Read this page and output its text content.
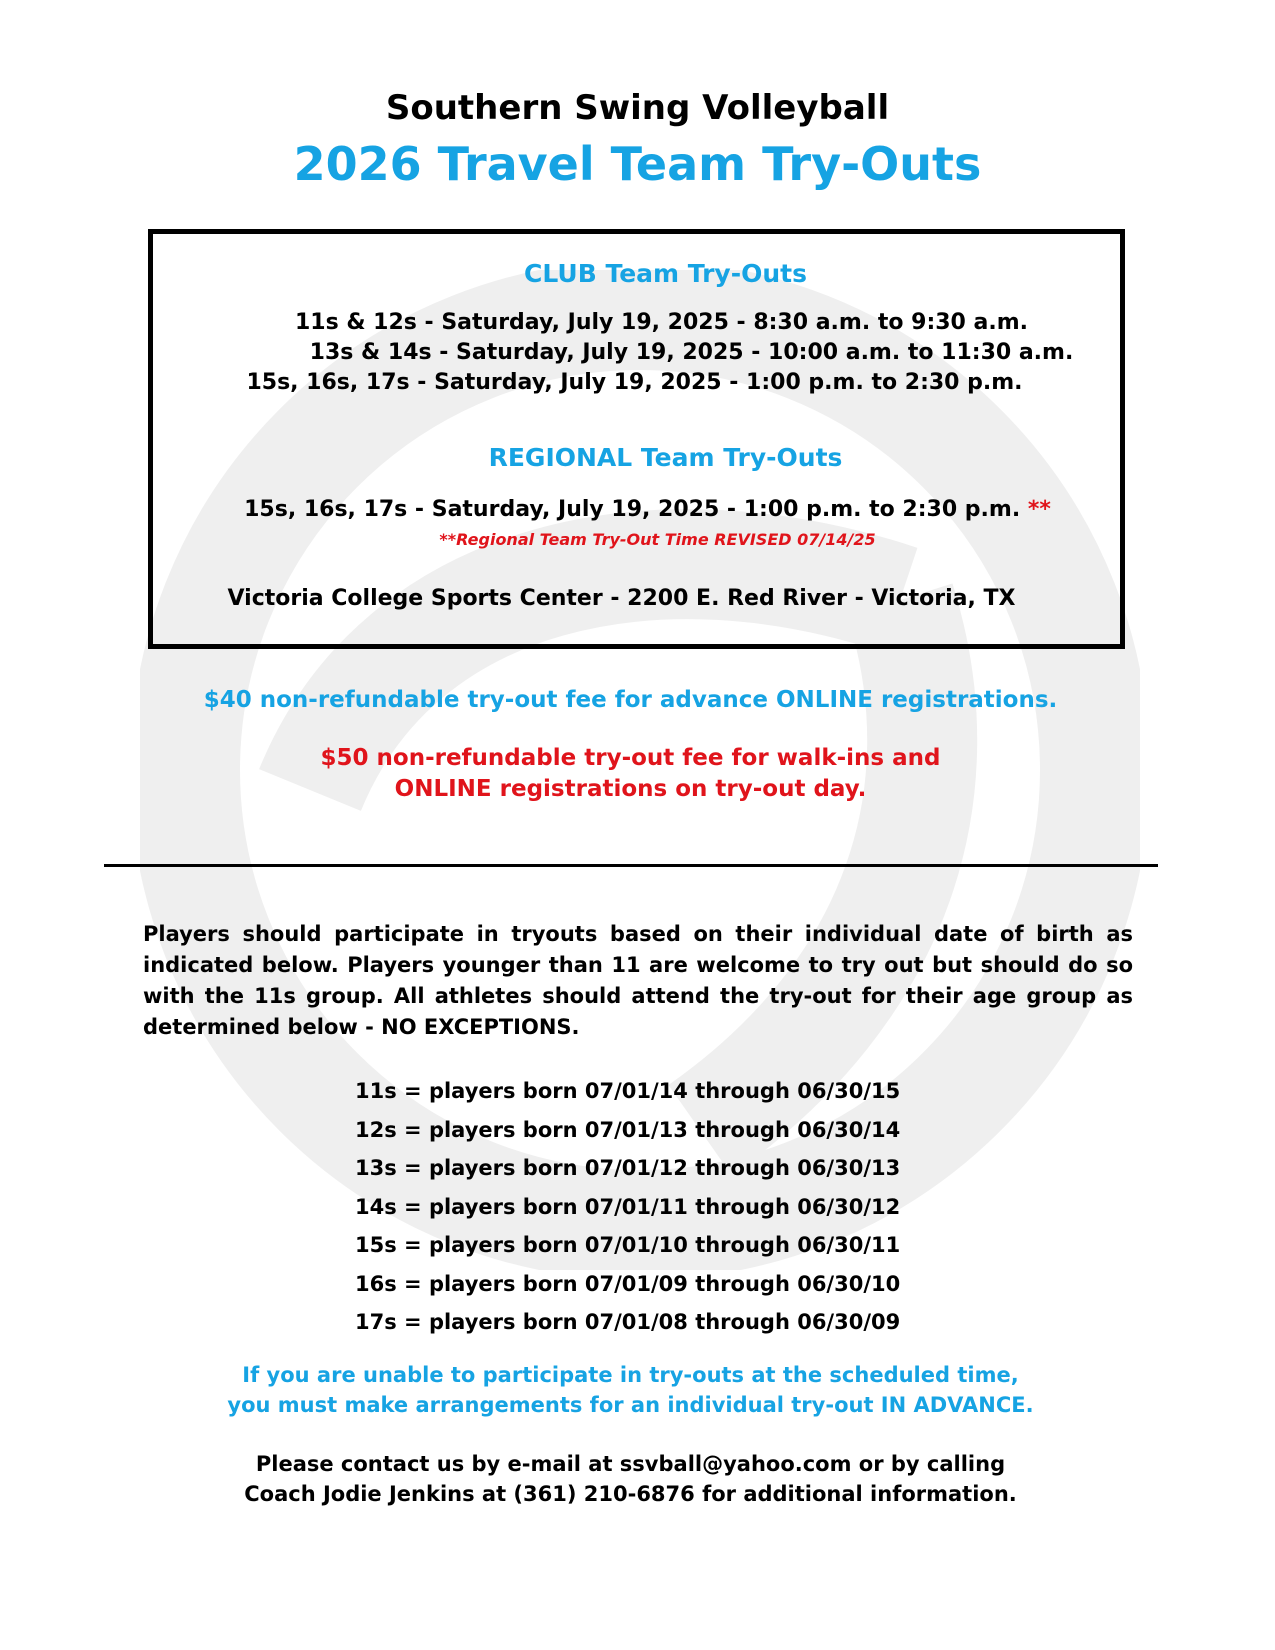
Southern Swing Volleyball
2026 Travel Team Try-Outs
CLUB Team Try-Outs
11s & 12s - Saturday, July 19, 2025 - 8:30 a.m. to 9:30 a.m.
13s & 14s - Saturday, July 19, 2025 - 10:00 a.m. to 11:30 a.m.
15s, 16s, 17s - Saturday, July 19, 2025 - 1:00 p.m. to 2:30 p.m.
REGIONAL Team Try-Outs
15s, 16s, 17s - Saturday, July 19, 2025 - 1:00 p.m. to 2:30 p.m. **
**Regional Team Try-Out Time REVISED 07/14/25
Victoria College Sports Center - 2200 E. Red River - Victoria, TX
$40 non-refundable try-out fee for advance ONLINE registrations.
$50 non-refundable try-out fee for walk-ins and
ONLINE registrations on try-out day.
Players should participate in tryouts based on their individual date of birth as indicated below. Players younger than 11 are welcome to try out but should do so with the 11s group. All athletes should attend the try-out for their age group as determined below - NO EXCEPTIONS.
11s = players born 07/01/14 through 06/30/15
12s = players born 07/01/13 through 06/30/14
13s = players born 07/01/12 through 06/30/13
14s = players born 07/01/11 through 06/30/12
15s = players born 07/01/10 through 06/30/11
16s = players born 07/01/09 through 06/30/10
17s = players born 07/01/08 through 06/30/09
If you are unable to participate in try-outs at the scheduled time,
you must make arrangements for an individual try-out IN ADVANCE.
Please contact us by e-mail at ssvball@yahoo.com or by calling
Coach Jodie Jenkins at (361) 210-6876 for additional information.
